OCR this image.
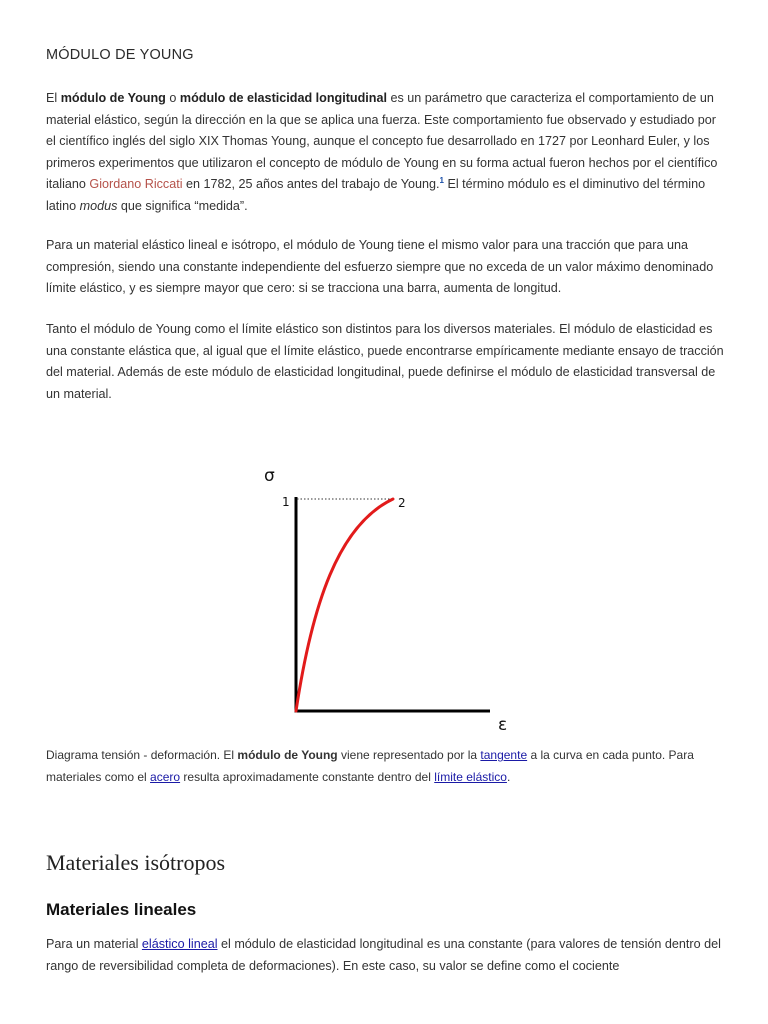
MÓDULO DE YOUNG

El módulo de Young o módulo de elasticidad longitudinal es un parámetro que caracteriza el comportamiento de un material elástico, según la dirección en la que se aplica una fuerza. Este comportamiento fue observado y estudiado por el científico inglés del siglo XIX Thomas Young, aunque el concepto fue desarrollado en 1727 por Leonhard Euler, y los primeros experimentos que utilizaron el concepto de módulo de Young en su forma actual fueron hechos por el científico italiano Giordano Riccati en 1782, 25 años antes del trabajo de Young.$^1$ El término módulo es el diminutivo del término latino modus que significa “medida”.

Para un material elástico lineal e isótropo, el módulo de Young tiene el mismo valor para una tracción que para una compresión, siendo una constante independiente del esfuerzo siempre que no exceda de un valor máximo denominado límite elástico, y es siempre mayor que cero: si se tracciona una barra, aumenta de longitud.

Tanto el módulo de Young como el límite elástico son distintos para los diversos materiales. El módulo de elasticidad es una constante elástica que, al igual que el límite elástico, puede encontrarse empíricamente mediante ensayo de tracción del material. Además de este módulo de elasticidad longitudinal, puede definirse el módulo de elasticidad transversal de un material.

σ
1	2
ε

Diagrama tensión - deformación. El módulo de Young viene representado por la tangente a la curva en cada punto. Para materiales como el acero resulta aproximadamente constante dentro del límite elástico.

Materiales isótropos
Materiales lineales

Para un material elástico lineal el módulo de elasticidad longitudinal es una constante (para valores de tensión dentro del rango de reversibilidad completa de deformaciones). En este caso, su valor se define como el cociente
